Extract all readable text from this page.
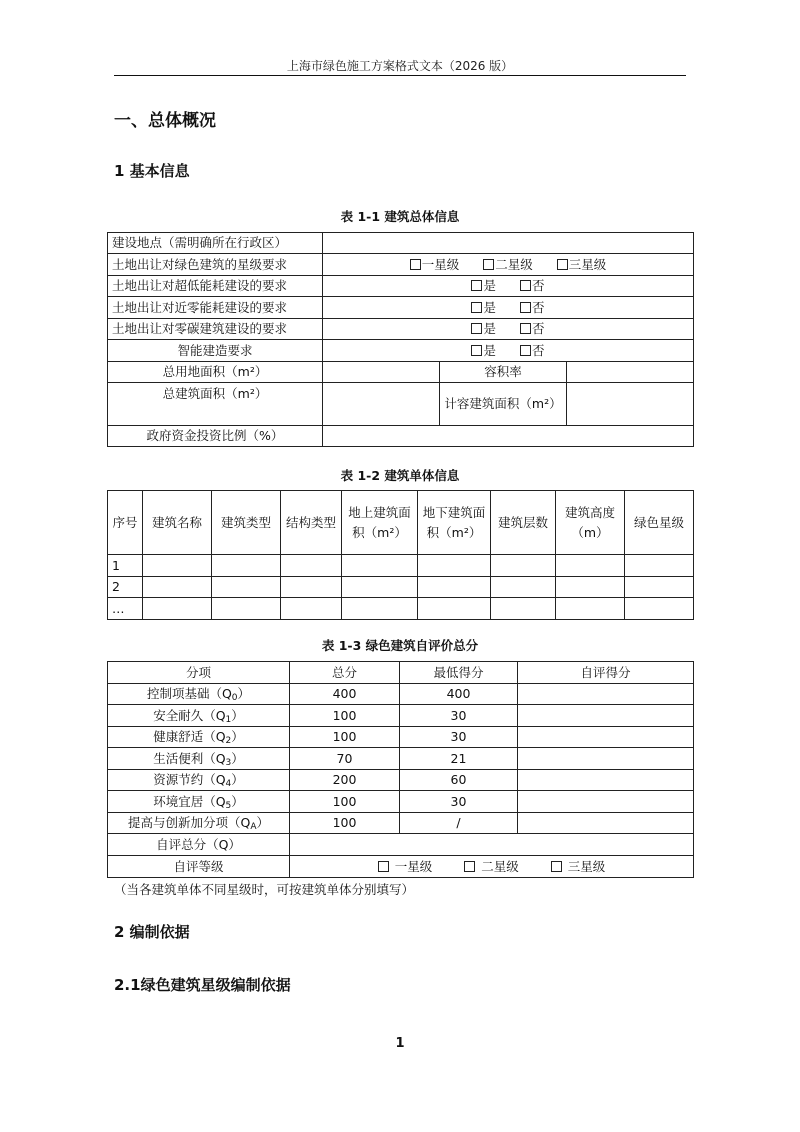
上海市绿色施工方案格式文本（2026 版）
一、总体概况
1 基本信息
表 1-1 建筑总体信息
建设地点（需明确所在行政区）			
土地出让对绿色建筑的星级要求	一星级 二星级 三星级		
土地出让对超低能耗建设的要求	是 否		
土地出让对近零能耗建设的要求	是 否		
土地出让对零碳建筑建设的要求	是 否		
智能建造要求	是 否		
总用地面积（m²）		容积率	
总建筑面积（m²）		计容建筑面积（m²）	
政府资金投资比例（%）			
表 1-2 建筑单体信息
序号	建筑名称	建筑类型	结构类型	地上建筑面积（m²）	地下建筑面积（m²）	建筑层数	建筑高度（m）	绿色星级
1								
2								
…								
表 1-3 绿色建筑自评价总分
分项	总分	最低得分	自评得分
控制项基础$(Q_0)$	400	400	
安全耐久$(Q_1)$	100	30	
健康舒适$(Q_2)$	100	30	
生活便利$(Q_3)$	70	21	
资源节约$(Q_4)$	200	60	
环境宜居$(Q_5)$	100	30	
提高与创新加分项$(Q_A)$	100	/	
自评总分（Q）			
自评等级	一星级 二星级 三星级		
（当各建筑单体不同星级时，可按建筑单体分别填写）
2 编制依据
2.1绿色建筑星级编制依据
1
